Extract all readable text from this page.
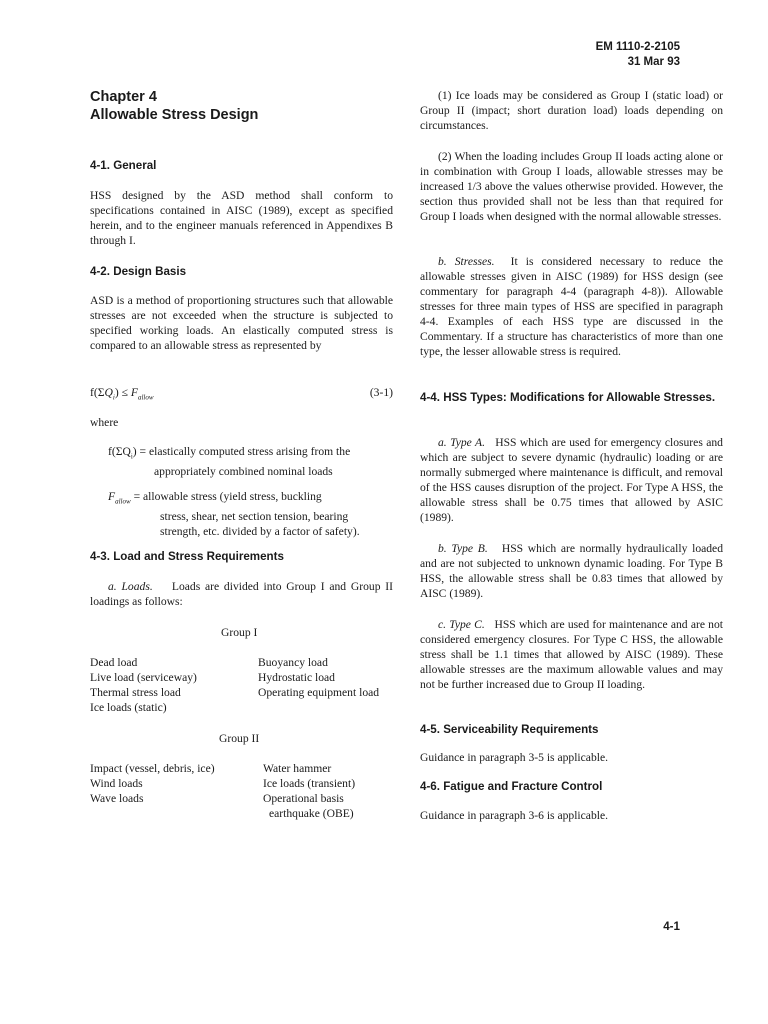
EM 1110-2-2105
31 Mar 93
Chapter 4
Allowable Stress Design
4-1. General

HSS designed by the ASD method shall conform to specifications contained in AISC (1989), except as specified herein, and to the engineer manuals referenced in Appendixes B through I.

4-2. Design Basis

ASD is a method of proportioning structures such that allowable stresses are not exceeded when the structure is subjected to specified working loads. An elastically computed stress is compared to an allowable stress as represented by

$f(\Sigma Q_i) \le F_{allow}$	(3-1)
where
$f(\Sigma Q_i)$ = elastically computed stress arising from the
appropriately combined nominal loads
$F_{allow}$ = allowable stress (yield stress, buckling
stress, shear, net section tension, bearing
strength, etc. divided by a factor of safety).
4-3. Load and Stress Requirements

a. Loads. Loads are divided into Group I and Group II loadings as follows:

Group I
Dead load
Live load (serviceway)
Thermal stress load
Ice loads (static)
Buoyancy load
Hydrostatic load
Operating equipment load
Group II
Impact (vessel, debris, ice)
Wind loads
Wave loads
Water hammer
Ice loads (transient)
Operational basis
earthquake (OBE)

(1) Ice loads may be considered as Group I (static load) or Group II (impact; short duration load) loads depending on circumstances.

(2) When the loading includes Group II loads acting alone or in combination with Group I loads, allowable stresses may be increased 1/3 above the values otherwise provided. However, the section thus provided shall not be less than that required for Group I loads when designed with the normal allowable stresses.

b. Stresses. It is considered necessary to reduce the allowable stresses given in AISC (1989) for HSS design (see commentary for paragraph 4-4 (paragraph 4-8)). Allowable stresses for three main types of HSS are specified in paragraph 4-4. Examples of each HSS type are discussed in the Commentary. If a structure has characteristics of more than one type, the lesser allowable stress is required.

4-4. HSS Types: Modifications for Allowable Stresses.

a. Type A. HSS which are used for emergency closures and which are subject to severe dynamic (hydraulic) loading or are normally submerged where maintenance is difficult, and removal of the HSS causes disruption of the project. For Type A HSS, the allowable stress shall be 0.75 times that allowed by ASIC (1989).

b. Type B. HSS which are normally hydraulically loaded and are not subjected to unknown dynamic loading. For Type B HSS, the allowable stress shall be 0.83 times that allowed by AISC (1989).

c. Type C. HSS which are used for maintenance and are not considered emergency closures. For Type C HSS, the allowable stress shall be 1.1 times that allowed by AISC (1989). These allowable stresses are the maximum allowable values and may not be further increased due to Group II loading.

4-5. Serviceability Requirements

Guidance in paragraph 3-5 is applicable.

4-6. Fatigue and Fracture Control

Guidance in paragraph 3-6 is applicable.

4-1
